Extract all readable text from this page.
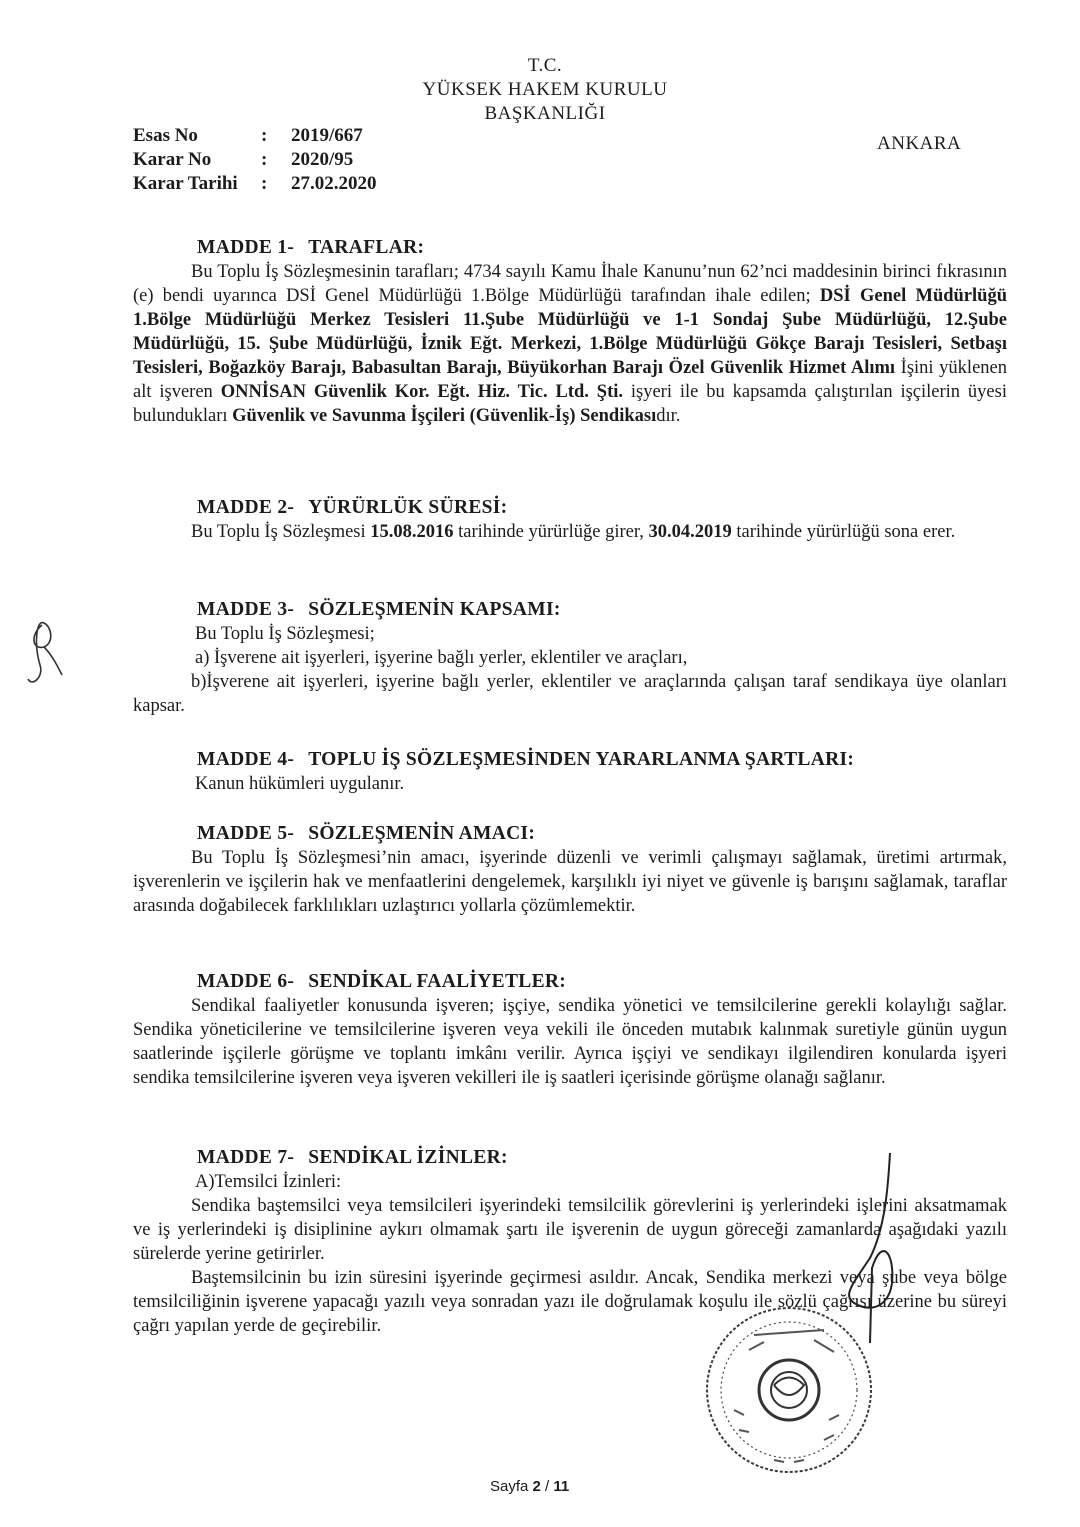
T.C.
YÜKSEK HAKEM KURULU
BAŞKANLIĞI
Esas No	:	2019/667
Karar No	:	2020/95
Karar Tarihi	:	27.02.2020
ANKARA
MADDE 1- TARAFLAR:

Bu Toplu İş Sözleşmesinin tarafları; 4734 sayılı Kamu İhale Kanunu’nun 62’nci maddesinin birinci fıkrasının (e) bendi uyarınca DSİ Genel Müdürlüğü 1.Bölge Müdürlüğü tarafından ihale edilen; DSİ Genel Müdürlüğü 1.Bölge Müdürlüğü Merkez Tesisleri 11.Şube Müdürlüğü ve 1-1 Sondaj Şube Müdürlüğü, 12.Şube Müdürlüğü, 15. Şube Müdürlüğü, İznik Eğt. Merkezi, 1.Bölge Müdürlüğü Gökçe Barajı Tesisleri, Setbaşı Tesisleri, Boğazköy Barajı, Babasultan Barajı, Büyükorhan Barajı Özel Güvenlik Hizmet Alımı İşini yüklenen alt işveren ONNİSAN Güvenlik Kor. Eğt. Hiz. Tic. Ltd. Şti. işyeri ile bu kapsamda çalıştırılan işçilerin üyesi bulundukları Güvenlik ve Savunma İşçileri (Güvenlik-İş) Sendikasıdır.

MADDE 2- YÜRÜRLÜK SÜRESİ:

Bu Toplu İş Sözleşmesi 15.08.2016 tarihinde yürürlüğe girer, 30.04.2019 tarihinde yürürlüğü sona erer.

MADDE 3- SÖZLEŞMENİN KAPSAMI:

Bu Toplu İş Sözleşmesi;

a) İşverene ait işyerleri, işyerine bağlı yerler, eklentiler ve araçları,

b)İşverene ait işyerleri, işyerine bağlı yerler, eklentiler ve araçlarında çalışan taraf sendikaya üye olanları kapsar.

MADDE 4- TOPLU İŞ SÖZLEŞMESİNDEN YARARLANMA ŞARTLARI:

Kanun hükümleri uygulanır.

MADDE 5- SÖZLEŞMENİN AMACI:

Bu Toplu İş Sözleşmesi’nin amacı, işyerinde düzenli ve verimli çalışmayı sağlamak, üretimi artırmak, işverenlerin ve işçilerin hak ve menfaatlerini dengelemek, karşılıklı iyi niyet ve güvenle iş barışını sağlamak, taraflar arasında doğabilecek farklılıkları uzlaştırıcı yollarla çözümlemektir.

MADDE 6- SENDİKAL FAALİYETLER:

Sendikal faaliyetler konusunda işveren; işçiye, sendika yönetici ve temsilcilerine gerekli kolaylığı sağlar. Sendika yöneticilerine ve temsilcilerine işveren veya vekili ile önceden mutabık kalınmak suretiyle günün uygun saatlerinde işçilerle görüşme ve toplantı imkânı verilir. Ayrıca işçiyi ve sendikayı ilgilendiren konularda işyeri sendika temsilcilerine işveren veya işveren vekilleri ile iş saatleri içerisinde görüşme olanağı sağlanır.

MADDE 7- SENDİKAL İZİNLER:

A)Temsilci İzinleri:

Sendika baştemsilci veya temsilcileri işyerindeki temsilcilik görevlerini iş yerlerindeki işlerini aksatmamak ve iş yerlerindeki iş disiplinine aykırı olmamak şartı ile işverenin de uygun göreceği zamanlarda aşağıdaki yazılı sürelerde yerine getirirler.

Baştemsilcinin bu izin süresini işyerinde geçirmesi asıldır. Ancak, Sendika merkezi veya şube veya bölge temsilciliğinin işverene yapacağı yazılı veya sonradan yazı ile doğrulamak koşulu ile sözlü çağrısı üzerine bu süreyi çağrı yapılan yerde de geçirebilir.

Sayfa 2 / 11
